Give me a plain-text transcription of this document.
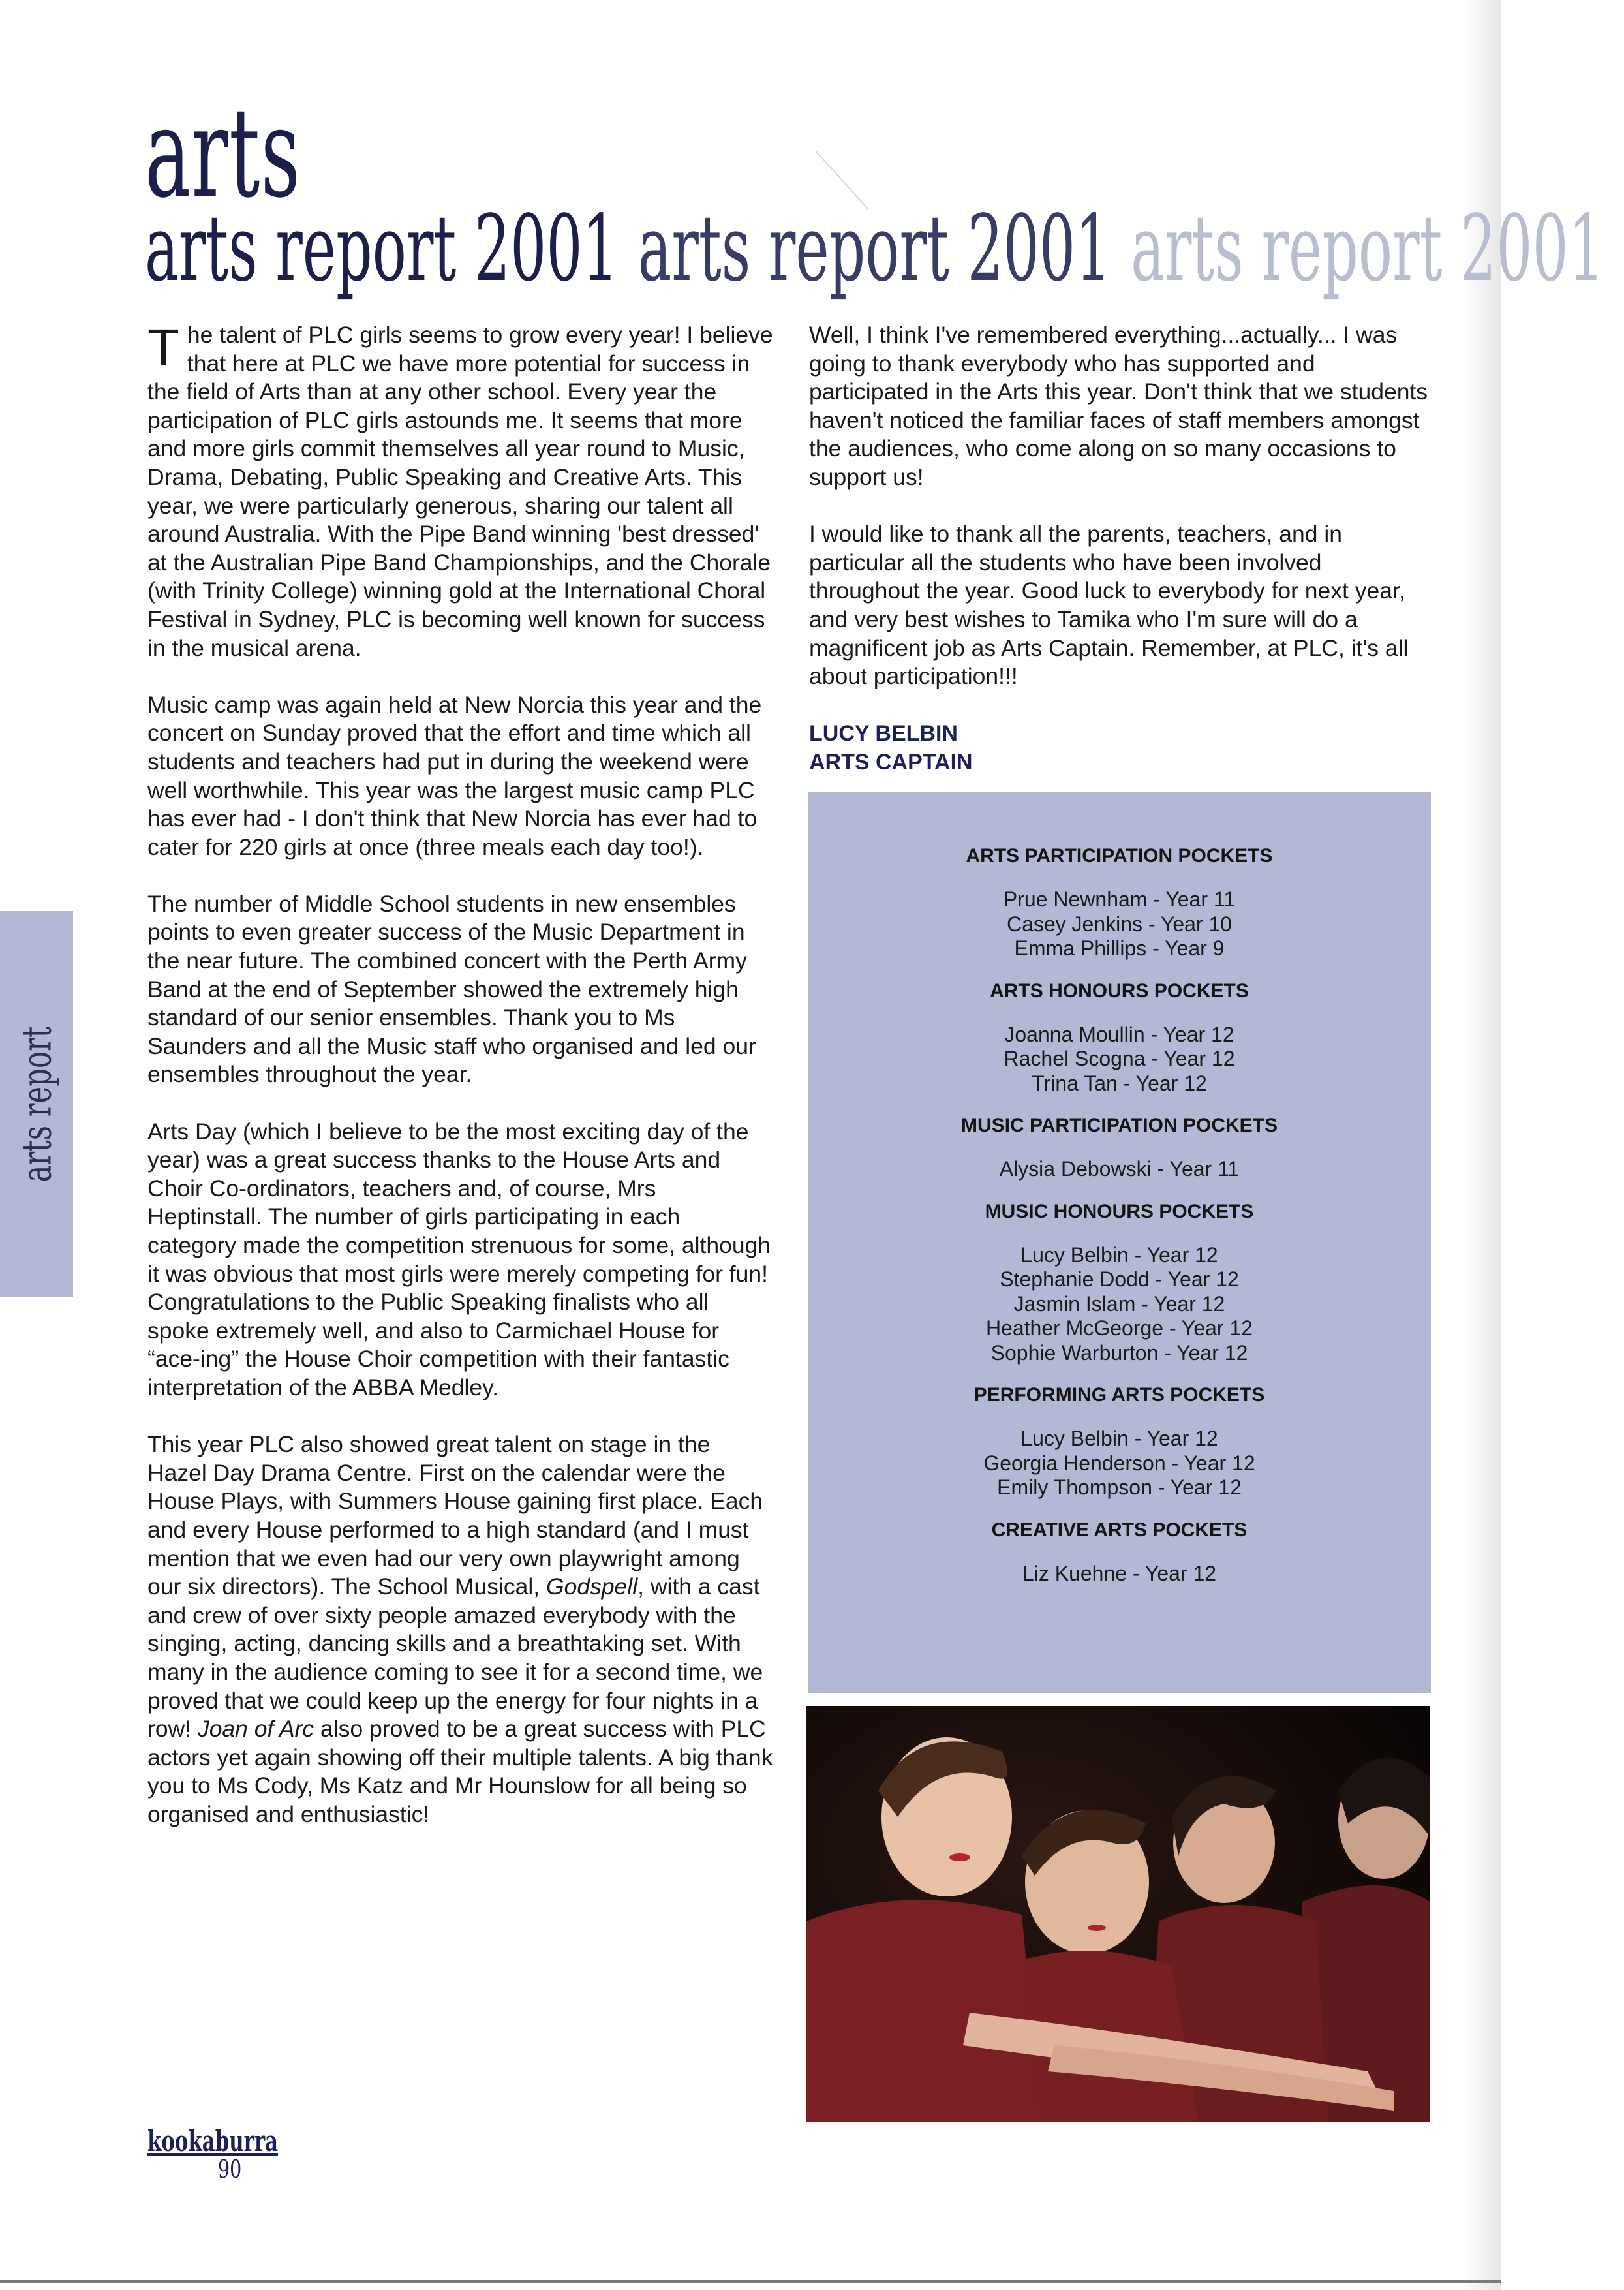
arts
arts report 2001 arts report 2001 arts report 2001
arts report

The talent of PLC girls seems to grow every year! I believe that here at PLC we have more potential for success in the field of Arts than at any other school. Every year the participation of PLC girls astounds me. It seems that more and more girls commit themselves all year round to Music, Drama, Debating, Public Speaking and Creative Arts. This year, we were particularly generous, sharing our talent all around Australia. With the Pipe Band winning 'best dressed' at the Australian Pipe Band Championships, and the Chorale (with Trinity College) winning gold at the International Choral Festival in Sydney, PLC is becoming well known for success in the musical arena.

Music camp was again held at New Norcia this year and the concert on Sunday proved that the effort and time which all students and teachers had put in during the weekend were well worthwhile. This year was the largest music camp PLC has ever had - I don't think that New Norcia has ever had to cater for 220 girls at once (three meals each day too!).

The number of Middle School students in new ensembles points to even greater success of the Music Department in the near future. The combined concert with the Perth Army Band at the end of September showed the extremely high standard of our senior ensembles. Thank you to Ms Saunders and all the Music staff who organised and led our ensembles throughout the year.

Arts Day (which I believe to be the most exciting day of the year) was a great success thanks to the House Arts and Choir Co-ordinators, teachers and, of course, Mrs Heptinstall. The number of girls participating in each category made the competition strenuous for some, although it was obvious that most girls were merely competing for fun! Congratulations to the Public Speaking finalists who all spoke extremely well, and also to Carmichael House for “ace-ing” the House Choir competition with their fantastic interpretation of the ABBA Medley.

This year PLC also showed great talent on stage in the Hazel Day Drama Centre. First on the calendar were the House Plays, with Summers House gaining first place. Each and every House performed to a high standard (and I must mention that we even had our very own playwright among our six directors). The School Musical, Godspell, with a cast and crew of over sixty people amazed everybody with the singing, acting, dancing skills and a breathtaking set. With many in the audience coming to see it for a second time, we proved that we could keep up the energy for four nights in a row! Joan of Arc also proved to be a great success with PLC actors yet again showing off their multiple talents. A big thank you to Ms Cody, Ms Katz and Mr Hounslow for all being so organised and enthusiastic!

Well, I think I've remembered everything...actually... I was going to thank everybody who has supported and participated in the Arts this year. Don't think that we students haven't noticed the familiar faces of staff members amongst the audiences, who come along on so many occasions to support us!

I would like to thank all the parents, teachers, and in particular all the students who have been involved throughout the year. Good luck to everybody for next year, and very best wishes to Tamika who I'm sure will do a magnificent job as Arts Captain. Remember, at PLC, it's all about participation!!!

LUCY BELBIN
ARTS CAPTAIN
ARTS PARTICIPATION POCKETS
Prue Newnham - Year 11
Casey Jenkins - Year 10
Emma Phillips - Year 9
ARTS HONOURS POCKETS
Joanna Moullin - Year 12
Rachel Scogna - Year 12
Trina Tan - Year 12
MUSIC PARTICIPATION POCKETS
Alysia Debowski - Year 11
MUSIC HONOURS POCKETS
Lucy Belbin - Year 12
Stephanie Dodd - Year 12
Jasmin Islam - Year 12
Heather McGeorge - Year 12
Sophie Warburton - Year 12
PERFORMING ARTS POCKETS
Lucy Belbin - Year 12
Georgia Henderson - Year 12
Emily Thompson - Year 12
CREATIVE ARTS POCKETS
Liz Kuehne - Year 12
kookaburra
90
